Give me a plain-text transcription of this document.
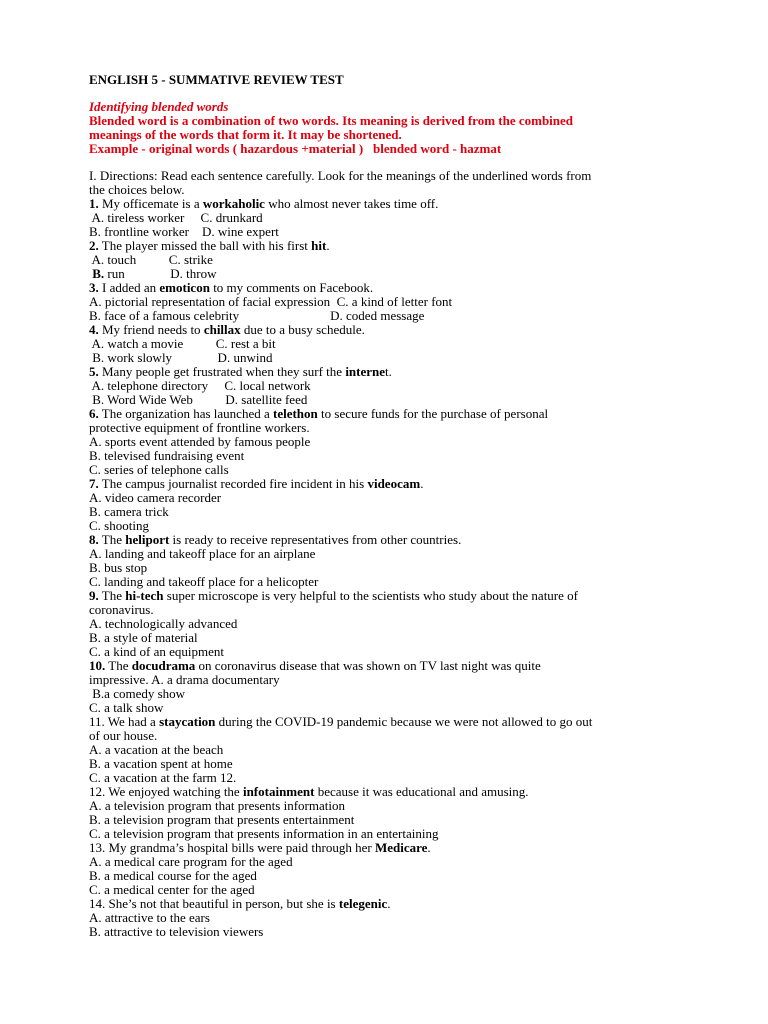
ENGLISH 5 - SUMMATIVE REVIEW TEST
Identifying blended words
Blended word is a combination of two words. Its meaning is derived from the combined
meanings of the words that form it. It may be shortened.
Example - original words ( hazardous +material )   blended word - hazmat
I. Directions: Read each sentence carefully. Look for the meanings of the underlined words from
the choices below.
1. My officemate is a workaholic who almost never takes time off.
A. tireless worker     C. drunkard
B. frontline worker    D. wine expert
2. The player missed the ball with his first hit.
A. touch          C. strike
B. run              D. throw
3. I added an emoticon to my comments on Facebook.
A. pictorial representation of facial expression  C. a kind of letter font
B. face of a famous celebrity                            D. coded message
4. My friend needs to chillax due to a busy schedule.
A. watch a movie          C. rest a bit
B. work slowly              D. unwind
5. Many people get frustrated when they surf the internet.
A. telephone directory     C. local network
B. Word Wide Web          D. satellite feed
6. The organization has launched a telethon to secure funds for the purchase of personal
protective equipment of frontline workers.
A. sports event attended by famous people
B. televised fundraising event
C. series of telephone calls
7. The campus journalist recorded fire incident in his videocam.
A. video camera recorder
B. camera trick
C. shooting
8. The heliport is ready to receive representatives from other countries.
A. landing and takeoff place for an airplane
B. bus stop
C. landing and takeoff place for a helicopter
9. The hi-tech super microscope is very helpful to the scientists who study about the nature of
coronavirus.
A. technologically advanced
B. a style of material
C. a kind of an equipment
10. The docudrama on coronavirus disease that was shown on TV last night was quite
impressive. A. a drama documentary
B.a comedy show
C. a talk show
11. We had a staycation during the COVID-19 pandemic because we were not allowed to go out
of our house.
A. a vacation at the beach
B. a vacation spent at home
C. a vacation at the farm 12.
12. We enjoyed watching the infotainment because it was educational and amusing.
A. a television program that presents information
B. a television program that presents entertainment
C. a television program that presents information in an entertaining
13. My grandma’s hospital bills were paid through her Medicare.
A. a medical care program for the aged
B. a medical course for the aged
C. a medical center for the aged
14. She’s not that beautiful in person, but she is telegenic.
A. attractive to the ears
B. attractive to television viewers
